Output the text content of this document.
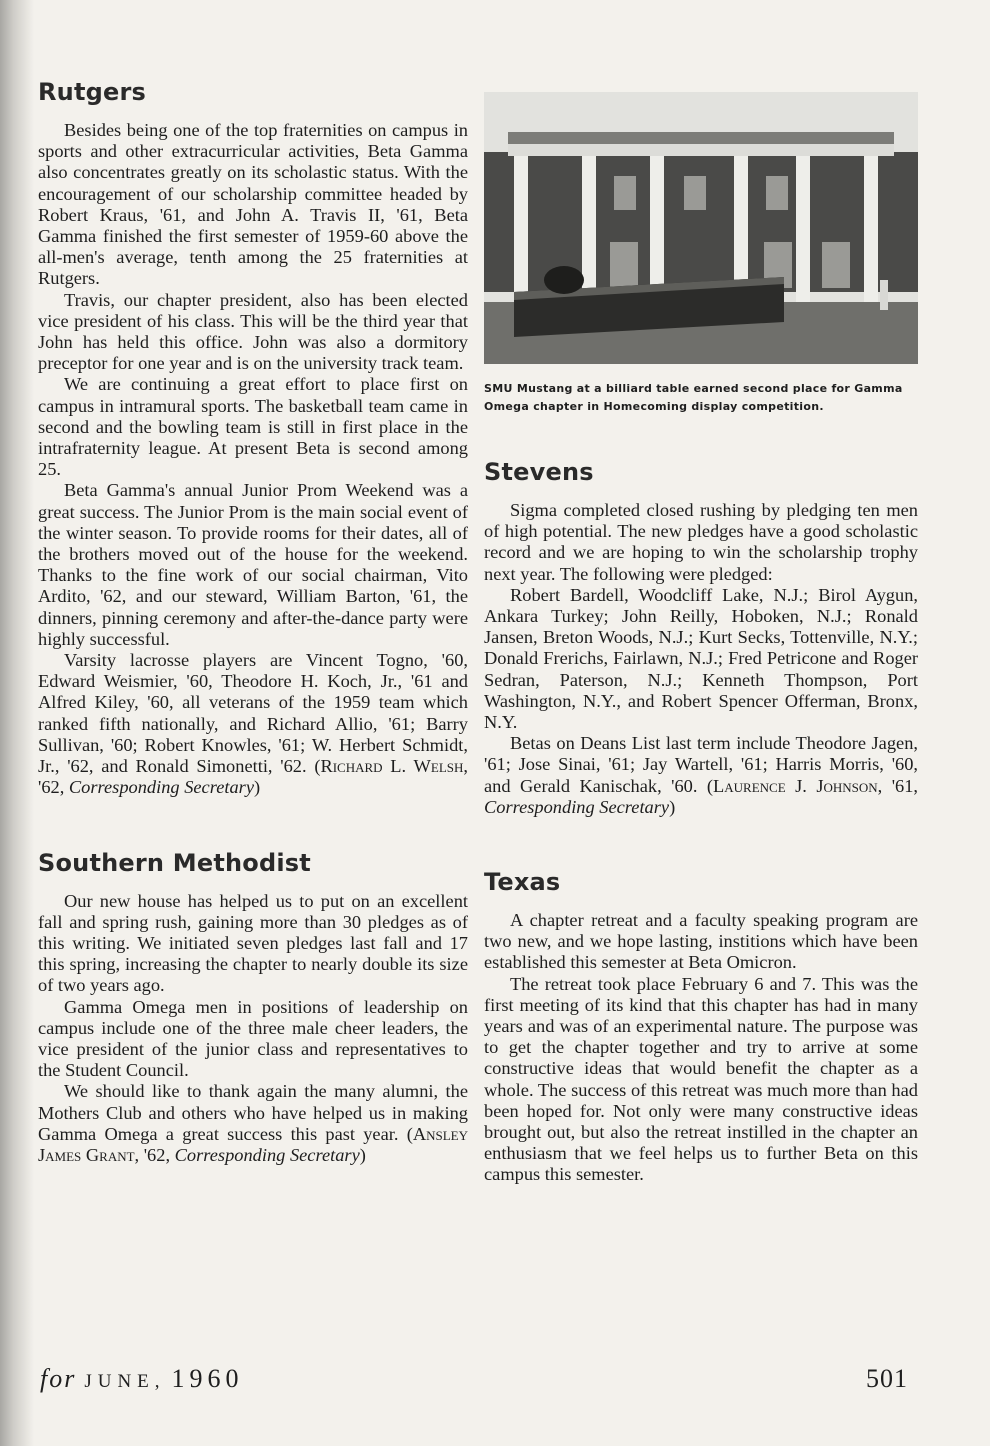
Rutgers

Besides being one of the top fraternities on campus in sports and other extracurricular activities, Beta Gamma also concentrates greatly on its scholastic status. With the encouragement of our scholarship committee headed by Robert Kraus, '61, and John A. Travis II, '61, Beta Gamma finished the first semester of 1959-60 above the all-men's average, tenth among the 25 fraternities at Rutgers.

Travis, our chapter president, also has been elected vice president of his class. This will be the third year that John has held this office. John was also a dormitory preceptor for one year and is on the university track team.

We are continuing a great effort to place first on campus in intramural sports. The basketball team came in second and the bowling team is still in first place in the intrafraternity league. At present Beta is second among 25.

Beta Gamma's annual Junior Prom Weekend was a great success. The Junior Prom is the main social event of the winter season. To provide rooms for their dates, all of the brothers moved out of the house for the weekend. Thanks to the fine work of our social chairman, Vito Ardito, '62, and our steward, William Barton, '61, the dinners, pinning ceremony and after-the-dance party were highly successful.

Varsity lacrosse players are Vincent Togno, '60, Edward Weismier, '60, Theodore H. Koch, Jr., '61 and Alfred Kiley, '60, all veterans of the 1959 team which ranked fifth nationally, and Richard Allio, '61; Barry Sullivan, '60; Robert Knowles, '61; W. Herbert Schmidt, Jr., '62, and Ronald Simonetti, '62. (Richard L. Welsh, '62, Corresponding Secretary)

Southern Methodist

Our new house has helped us to put on an excellent fall and spring rush, gaining more than 30 pledges as of this writing. We initiated seven pledges last fall and 17 this spring, increasing the chapter to nearly double its size of two years ago.

Gamma Omega men in positions of leadership on campus include one of the three male cheer leaders, the vice president of the junior class and representatives to the Student Council.

We should like to thank again the many alumni, the Mothers Club and others who have helped us in making Gamma Omega a great success this past year. (Ansley James Grant, '62, Corresponding Secretary)

SMU Mustang at a billiard table earned second place for Gamma Omega chapter in Homecoming display competition.
Stevens

Sigma completed closed rushing by pledging ten men of high potential. The new pledges have a good scholastic record and we are hoping to win the scholarship trophy next year. The following were pledged:

Robert Bardell, Woodcliff Lake, N.J.; Birol Aygun, Ankara Turkey; John Reilly, Hoboken, N.J.; Ronald Jansen, Breton Woods, N.J.; Kurt Secks, Tottenville, N.Y.; Donald Frerichs, Fairlawn, N.J.; Fred Petricone and Roger Sedran, Paterson, N.J.; Kenneth Thompson, Port Washington, N.Y., and Robert Spencer Offerman, Bronx, N.Y.

Betas on Deans List last term include Theodore Jagen, '61; Jose Sinai, '61; Jay Wartell, '61; Harris Morris, '60, and Gerald Kanischak, '60. (Laurence J. Johnson, '61, Corresponding Secretary)

Texas

A chapter retreat and a faculty speaking program are two new, and we hope lasting, institions which have been established this semester at Beta Omicron.

The retreat took place February 6 and 7. This was the first meeting of its kind that this chapter has had in many years and was of an experimental nature. The purpose was to get the chapter together and try to arrive at some constructive ideas that would benefit the chapter as a whole. The success of this retreat was much more than had been hoped for. Not only were many constructive ideas brought out, but also the retreat instilled in the chapter an enthusiasm that we feel helps us to further Beta on this campus this semester.

for JUNE, 1960	501
